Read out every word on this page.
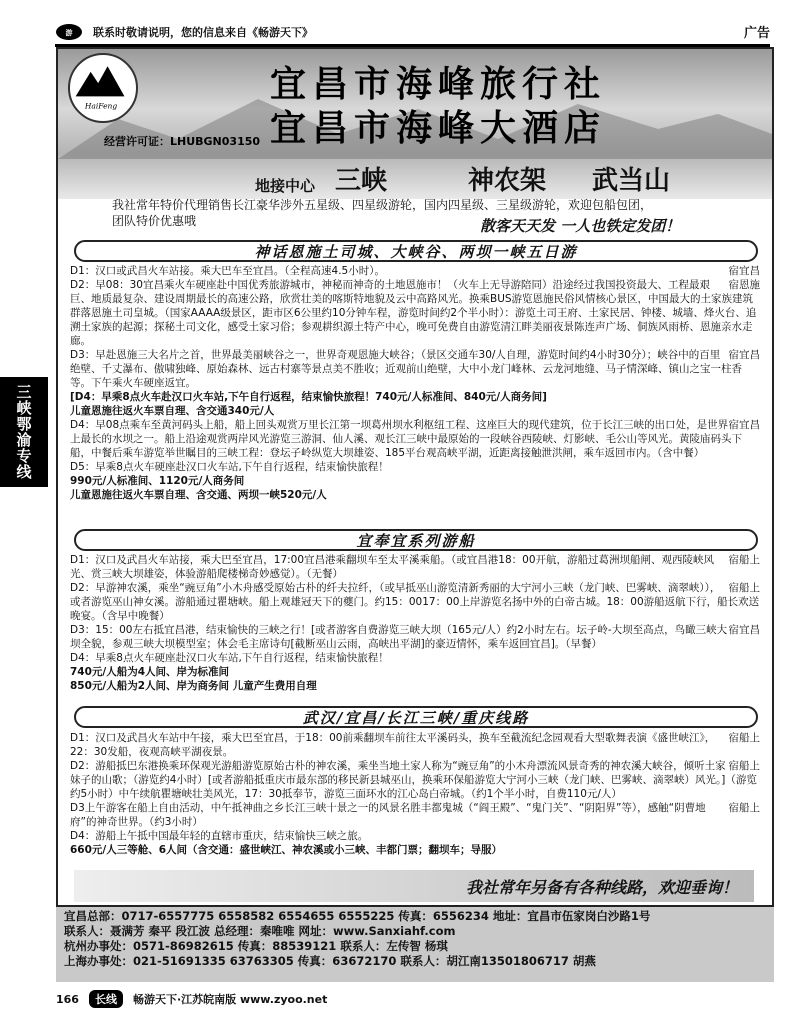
游 联系时敬请说明，您的信息来自《畅游天下》	广告
三峡鄂渝专线
HaiFeng
经营许可证：LHUBGN03150
宜昌市海峰旅行社
宜昌市海峰大酒店
地接中心 三峡	神农架 武当山
我社常年特价代理销售长江豪华涉外五星级、四星级游轮，国内四星级、三星级游轮，欢迎包船包团，团队特价优惠哦	散客天天发 一人也铁定发团！
神话恩施土司城、大峡谷、两坝一峡五日游

宿宜昌
D1：汉口或武昌火车站接。乘大巴车至宜昌。（全程高速4.5小时）。

宿恩施
D2：早08：30宜昌乘火车硬座赴中国优秀旅游城市，神秘而神奇的土地恩施市！（火车上无导游陪同）沿途经过我国投资最大、工程最艰巨、地质最复杂、建设周期最长的高速公路，欣赏壮美的喀斯特地貌及云中高路风光。换乘BUS游览恩施民俗风情核心景区，中国最大的土家族建筑群落恩施土司皇城。（国家AAAA级景区，距市区6公里约10分钟车程，游览时间约2个半小时）：游览土司王府、土家民居、钟楼、城墙、烽火台、追溯土家族的起源；探秘土司文化，感受土家习俗；参观耕织源土特产中心，晚可免费自由游览清江畔美丽夜景陈连声广场、侗族风雨桥、恩施亲水走廊。

宿宜昌
D3：早赴恩施三大名片之首，世界最美丽峡谷之一，世界奇观恩施大峡谷；（景区交通车30/人自理，游览时间约4小时30分）；峡谷中的百里绝壁、千丈瀑布、傲啸独峰、原始森林、远古村寨等景点美不胜收；近观前山绝壁，大中小龙门峰林、云龙河地缝、马子情深峰、镇山之宝一柱香等。下午乘火车硬座返宜。

[D4：早乘8点火车赴汉口火车站,下午自行返程，结束愉快旅程！740元/人标准间、840元/人商务间]

儿童恩施往返火车票自理、含交通340元/人

宿宜昌
D4：早08点乘车至黄河码头上船，船上回头观赏万里长江第一坝葛州坝水利枢纽工程、这座巨大的现代建筑，位于长江三峡的出口处，是世界上最长的水坝之一。船上沿途观赏两岸风光游览三游洞、仙人溪、观长江三峡中最原始的一段峡谷西陵峡、灯影峡、毛公山等风光。黄陵庙码头下船，中餐后乘车游览举世瞩目的三峡工程：登坛子岭纵览大坝雄姿、185平台观高峡平湖，近距离接触泄洪闸，乘车返回市内。（含中餐）

D5：早乘8点火车硬座赴汉口火车站,下午自行返程，结束愉快旅程！

990元/人标准间、1120元/人商务间

儿童恩施往返火车票自理、含交通、两坝一峡520元/人

宜奉宜系列游船

宿船上
D1：汉口及武昌火车站接，乘大巴至宜昌，17:00宜昌港乘翻坝车至太平溪乘船。（或宜昌港18：00开航，游船过葛洲坝船闸、观西陵峡风光、赏三峡大坝雄姿，体验游船爬楼梯奇妙感觉）。（无餐）

宿船上
D2：早游神农溪，乘坐“豌豆角”小木舟感受原始古朴的纤夫拉纤，（或早抵巫山游览清新秀丽的大宁河小三峡（龙门峡、巴雾峡、滴翠峡）），或者游览巫山神女溪。游船通过瞿塘峡。船上观雄冠天下的夔门。约15：0017：00上岸游览名扬中外的白帝古城。18：00游船返航下行，船长欢送晚宴。（含早中晚餐）

宿宜昌
D3：15：00左右抵宜昌港，结束愉快的三峡之行！[或者游客自费游览三峡大坝（165元/人）约2小时左右。坛子岭-大坝至高点，鸟瞰三峡大坝全貌，参观三峡大坝模型室；体会毛主席诗句[截断巫山云雨，高峡出平湖]的豪迈情怀，乘车返回宜昌]。（早餐）

D4：早乘8点火车硬座赴汉口火车站,下午自行返程，结束愉快旅程！

740元/人船为4人间、岸为标准间

850元/人船为2人间、岸为商务间 儿童产生费用自理

武汉/宜昌/长江三峡/重庆线路

宿船上
D1：汉口及武昌火车站中午接，乘大巴至宜昌，于18：00前乘翻坝车前往太平溪码头，换车至截流纪念园观看大型歌舞表演《盛世峡江》，22：30发船，夜观高峡平湖夜景。

宿船上
D2：游船抵巴东港换乘环保观光游船游览原始古朴的神农溪，乘坐当地土家人称为“豌豆角”的小木舟漂流风景奇秀的神农溪大峡谷，倾听土家妹子的山歌；（游览约4小时）[或者游船抵重庆市最东部的移民新县城巫山，换乘环保船游览大宁河小三峡（龙门峡、巴雾峡、滴翠峡）风光。]（游览约5小时）中午续航瞿塘峡壮美风光，17：30抵奉节，游览三面环水的江心岛白帝城。（约1个半小时，自费110元/人）

宿船上
D3上午游客在船上自由活动，中午抵神曲之乡长江三峡十景之一的风景名胜丰都鬼城（“阎王殿”、“鬼门关”、“阴阳界”等），感触“阴曹地府”的神奇世界。（约3小时）

D4：游船上午抵中国最年轻的直辖市重庆，结束愉快三峡之旅。

660元/人三等舱、6人间（含交通：盛世峡江、神农溪或小三峡、丰都门票；翻坝车；导服）

我社常年另备有各种线路，欢迎垂询！
宜昌总部：0717-6557775 6558582 6554655 6555225 传真：6556234 地址：宜昌市伍家岗白沙路1号
联系人：聂满芳 秦平 段江波 总经理：秦唯唯 网址：www.Sanxiahf.com
杭州办事处：0571-86982615 传真：88539121 联系人：左传智 杨琪
上海办事处：021-51691335 63763305 传真：63672170 联系人：胡江南13501806717 胡燕
166	长线	畅游天下·江苏皖南版 www.zyoo.net
